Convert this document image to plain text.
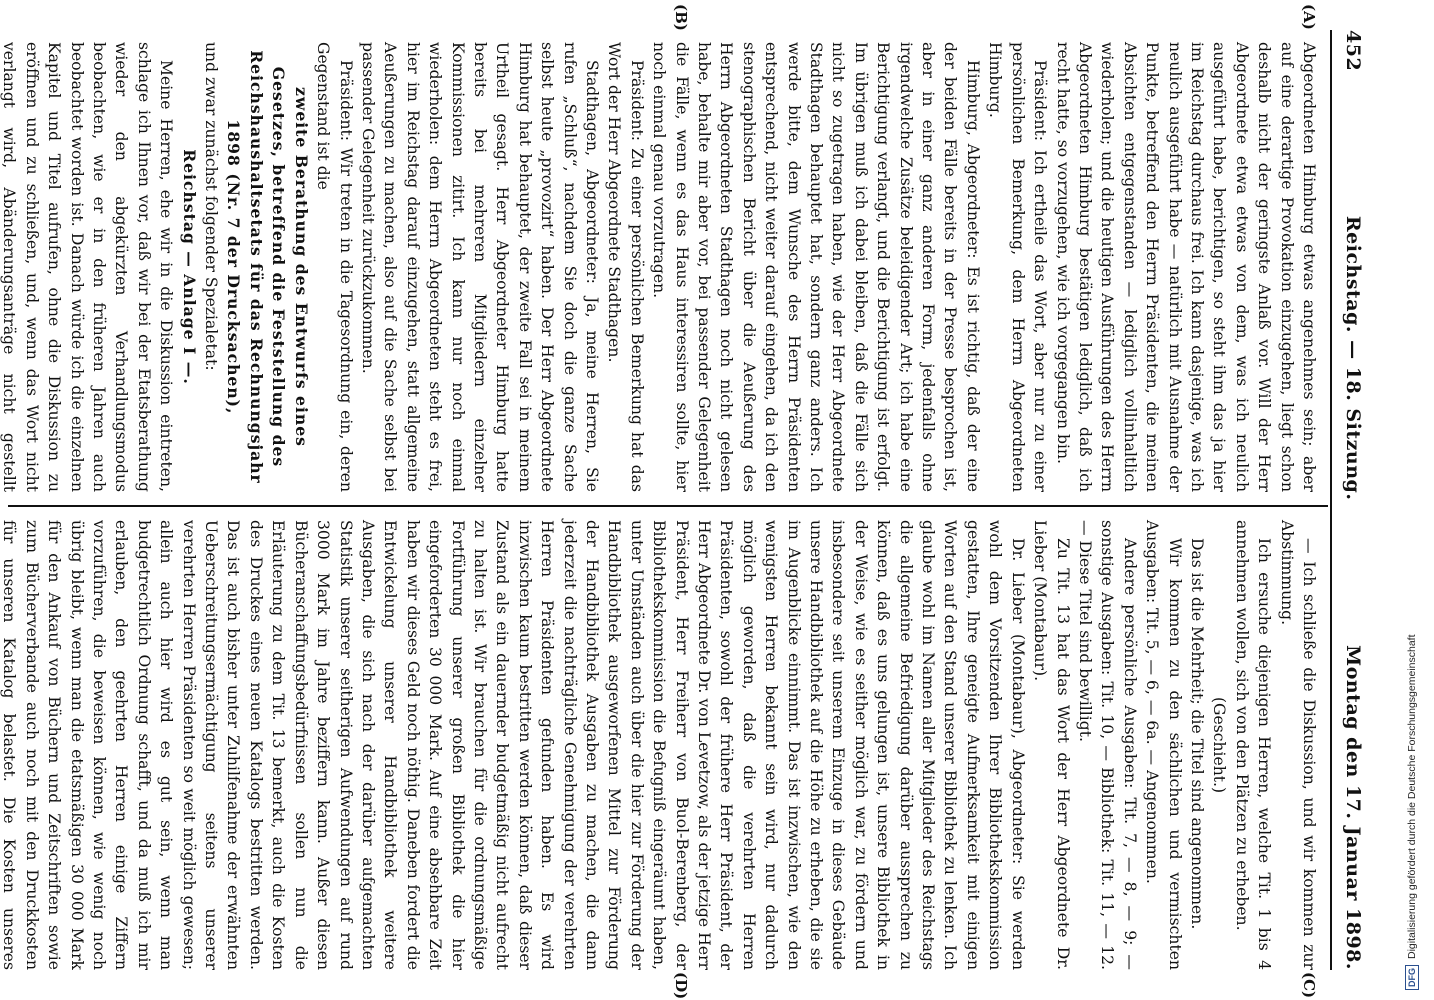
452
Reichstag. — 18. Sitzung.
Montag den 17. Januar 1898.
(A)
(B)
(C)
(D)

Abgeordneten Himburg etwas angenehmes sein; aber auf eine derartige Provokation einzugehen, liegt schon deshalb nicht der geringste Anlaß vor. Will der Herr Abgeordnete etwa etwas von dem, was ich neulich ausgeführt habe, berichtigen, so steht ihm das ja hier im Reichstag durchaus frei. Ich kann dasjenige, was ich neulich ausgeführt habe — natürlich mit Ausnahme der Punkte, betreffend den Herrn Präsidenten, die meinen Absichten entgegenstanden — lediglich vollinhaltlich wiederholen; und die heutigen Ausführungen des Herrn Abgeordneten Himburg bestätigen lediglich, daß ich recht hatte, so vorzugehen, wie ich vorgegangen bin.

Präsident: Ich ertheile das Wort, aber nur zu einer persönlichen Bemerkung, dem Herrn Abgeordneten Himburg.

Himburg, Abgeordneter: Es ist richtig, daß der eine der beiden Fälle bereits in der Presse besprochen ist, aber in einer ganz anderen Form, jedenfalls ohne irgendwelche Zusätze beleidigender Art; ich habe eine Berichtigung verlangt, und die Berichtigung ist erfolgt. Im übrigen muß ich dabei bleiben, daß die Fälle sich nicht so zugetragen haben, wie der Herr Abgeordnete Stadthagen behauptet hat, sondern ganz anders. Ich werde bitte, dem Wunsche des Herrn Präsidenten entsprechend, nicht weiter darauf eingehen, da ich den stenographischen Bericht über die Aeußerung des Herrn Abgeordneten Stadthagen noch nicht gelesen habe, behalte mir aber vor, bei passender Gelegenheit die Fälle, wenn es das Haus interessiren sollte, hier noch einmal genau vorzutragen.

Präsident: Zu einer persönlichen Bemerkung hat das Wort der Herr Abgeordnete Stadthagen.

Stadthagen, Abgeordneter: Ja, meine Herren, Sie rufen „Schluß“, nachdem Sie doch die ganze Sache selbst heute „provozirt“ haben. Der Herr Abgeordnete Himburg hat behauptet, der zweite Fall sei in meinem Urtheil gesagt. Herr Abgeordneter Himburg hatte bereits bei mehreren Mitgliedern einzelner Kommissionen zitirt. Ich kann nur noch einmal wiederholen: dem Herrn Abgeordneten steht es frei, hier im Reichstag darauf einzugehen, statt allgemeine Aeußerungen zu machen, also auf die Sache selbst bei passender Gelegenheit zurückzukommen.

Präsident: Wir treten in die Tagesordnung ein, deren Gegenstand ist die

zweite Berathung des Entwurfs eines Gesetzes, betreffend die Feststellung des Reichshaushaltsetats für das Rechnungsjahr 1898 (Nr. 7 der Drucksachen),

und zwar zunächst folgender Spezialetat:

Reichstag — Anlage I —.

Meine Herren, ehe wir in die Diskussion eintreten, schlage ich Ihnen vor, daß wir bei der Etatsberathung wieder den abgekürzten Verhandlungsmodus beobachten, wie er in den früheren Jahren auch beobachtet worden ist. Danach würde ich die einzelnen Kapitel und Titel aufrufen, ohne die Diskussion zu eröffnen und zu schließen, und, wenn das Wort nicht verlangt wird, Abänderungsanträge nicht gestellt

— Ich schließe die Diskussion, und wir kommen zur Abstimmung.

Ich ersuche diejenigen Herren, welche Tit. 1 bis 4 annehmen wollen, sich von den Plätzen zu erheben.

(Geschieht.)

Das ist die Mehrheit; die Titel sind angenommen.

Wir kommen zu den sächlichen und vermischten Ausgaben: Tit. 5, — 6, — 6a. — Angenommen.

Andere persönliche Ausgaben: Tit. 7, — 8, — 9; — sonstige Ausgaben: Tit. 10, — Bibliothek: Tit. 11, — 12. — Diese Titel sind bewilligt.

Zu Tit. 13 hat das Wort der Herr Abgeordnete Dr. Lieber (Montabaur).

Dr. Lieber (Montabaur), Abgeordneter: Sie werden wohl dem Vorsitzenden Ihrer Bibliothekskommission gestatten, Ihre geneigte Aufmerksamkeit mit einigen Worten auf den Stand unserer Bibliothek zu lenken. Ich glaube wohl im Namen aller Mitglieder des Reichstags die allgemeine Befriedigung darüber aussprechen zu können, daß es uns gelungen ist, unsere Bibliothek in der Weise, wie es seither möglich war, zu fördern und insbesondere seit unserem Einzuge in dieses Gebäude unsere Handbibliothek auf die Höhe zu erheben, die sie im Augenblicke einnimmt. Das ist inzwischen, wie den wenigsten Herren bekannt sein wird, nur dadurch möglich geworden, daß die verehrten Herren Präsidenten, sowohl der frühere Herr Präsident, der Herr Abgeordnete Dr. von Levetzow, als der jetzige Herr Präsident, Herr Freiherr von Buol-Berenberg, der Bibliothekskommission die Befugniß eingeräumt haben, unter Umständen auch über die hier zur Förderung der Handbibliothek ausgeworfenen Mittel zur Förderung der Handbibliothek Ausgaben zu machen, die dann jederzeit die nachträgliche Genehmigung der verehrten Herren Präsidenten gefunden haben. Es wird inzwischen kaum bestritten werden können, daß dieser Zustand als ein dauernder budgetmäßig nicht aufrecht zu halten ist. Wir brauchen für die ordnungsmäßige Fortführung unserer großen Bibliothek die hier eingeforderten 30 000 Mark. Auf eine absehbare Zeit haben wir dieses Geld noch nöthig. Daneben fordert die Entwickelung unserer Handbibliothek weitere Ausgaben, die sich nach der darüber aufgemachten Statistik unserer seitherigen Aufwendungen auf rund 3000 Mark im Jahre beziffern kann. Außer diesen Bücheranschaffungsbedürfnissen sollen nun die Erläuterung zu dem Tit. 13 bemerkt, auch die Kosten des Druckes eines neuen Katalogs bestritten werden. Das ist auch bisher unter Zuhilfenahme der erwähnten Ueberschreitungsermächtigung seitens unserer verehrten Herren Präsidenten so weit möglich gewesen; allein auch hier wird es gut sein, wenn man budgetrechtlich Ordnung schafft, und da muß ich mir erlauben, den geehrten Herren einige Ziffern vorzuführen, die beweisen können, wie wenig noch übrig bleibt, wenn man die etatsmäßigen 30 000 Mark für den Ankauf von Büchern und Zeitschriften sowie zum Bücherverbande auch noch mit den Druckkosten für unseren Katalog belastet. Die Kosten unseres

DFG
Digitalisierung gefördert durch die Deutsche Forschungsgemeinschaft
